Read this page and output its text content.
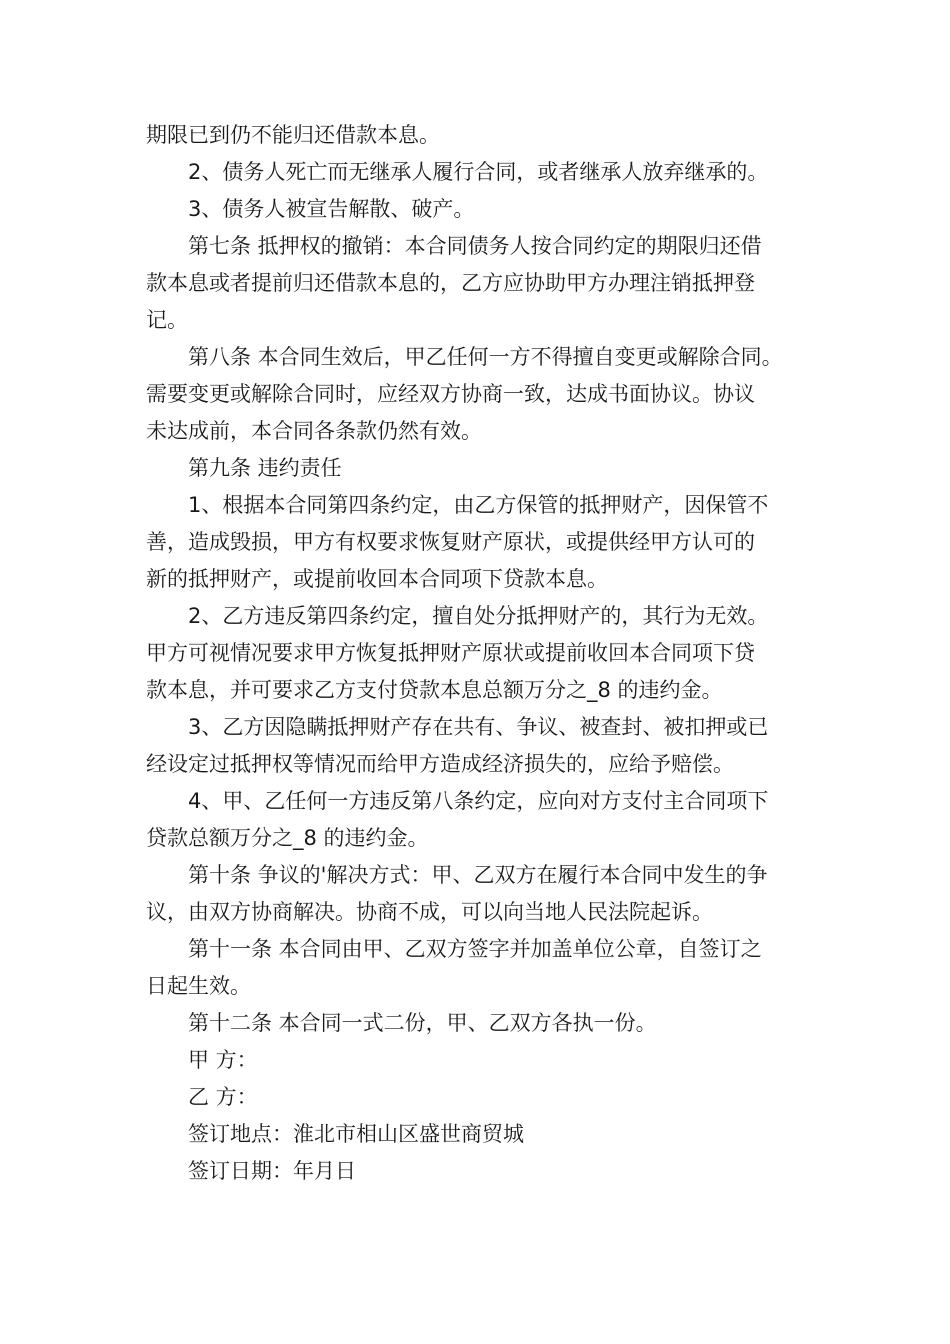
期限已到仍不能归还借款本息。
2、债务人死亡而无继承人履行合同，或者继承人放弃继承的。
3、债务人被宣告解散、破产。
第七条 抵押权的撤销：本合同债务人按合同约定的期限归还借
款本息或者提前归还借款本息的，乙方应协助甲方办理注销抵押登
记。
第八条 本合同生效后，甲乙任何一方不得擅自变更或解除合同。
需要变更或解除合同时，应经双方协商一致，达成书面协议。协议
未达成前，本合同各条款仍然有效。
第九条 违约责任
1、根据本合同第四条约定，由乙方保管的抵押财产，因保管不
善，造成毁损，甲方有权要求恢复财产原状，或提供经甲方认可的
新的抵押财产，或提前收回本合同项下贷款本息。
2、乙方违反第四条约定，擅自处分抵押财产的，其行为无效。
甲方可视情况要求甲方恢复抵押财产原状或提前收回本合同项下贷
款本息，并可要求乙方支付贷款本息总额万分之_8 的违约金。
3、乙方因隐瞒抵押财产存在共有、争议、被查封、被扣押或已
经设定过抵押权等情况而给甲方造成经济损失的，应给予赔偿。
4、甲、乙任何一方违反第八条约定，应向对方支付主合同项下
贷款总额万分之_8 的违约金。
第十条 争议的'解决方式：甲、乙双方在履行本合同中发生的争
议，由双方协商解决。协商不成，可以向当地人民法院起诉。
第十一条 本合同由甲、乙双方签字并加盖单位公章，自签订之
日起生效。
第十二条 本合同一式二份，甲、乙双方各执一份。
甲 方：
乙 方：
签订地点：淮北市相山区盛世商贸城
签订日期：年月日
